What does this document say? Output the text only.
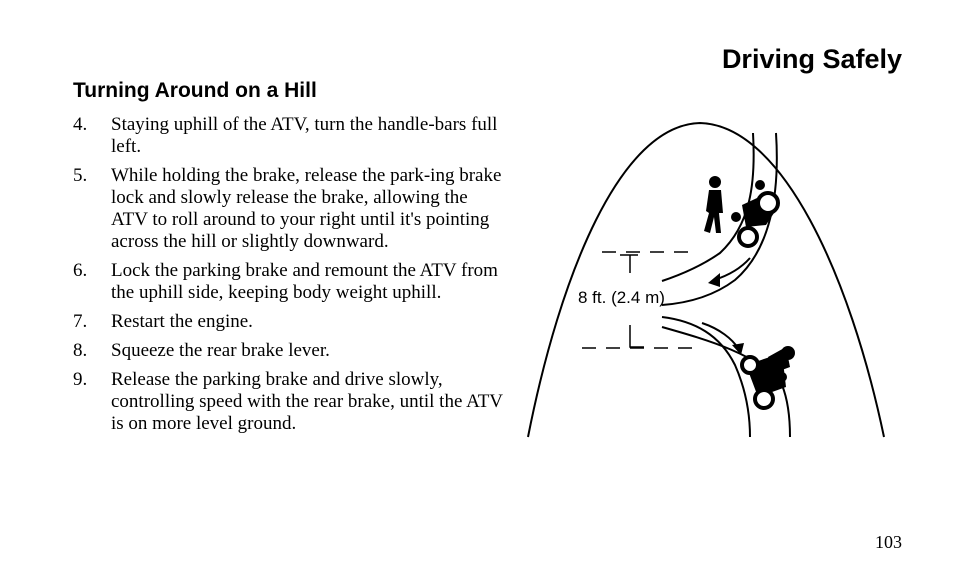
Driving Safely
Turning Around on a Hill
4. Staying uphill of the ATV, turn the handle-bars full left.
5. While holding the brake, release the park-ing brake lock and slowly release the brake, allowing the ATV to roll around to your right until it's pointing across the hill or slightly downward.
6. Lock the parking brake and remount the ATV from the uphill side, keeping body weight uphill.
7. Restart the engine.
8. Squeeze the rear brake lever.
9. Release the parking brake and drive slowly, controlling speed with the rear brake, until the ATV is on more level ground.
8 ft. (2.4 m)
103
